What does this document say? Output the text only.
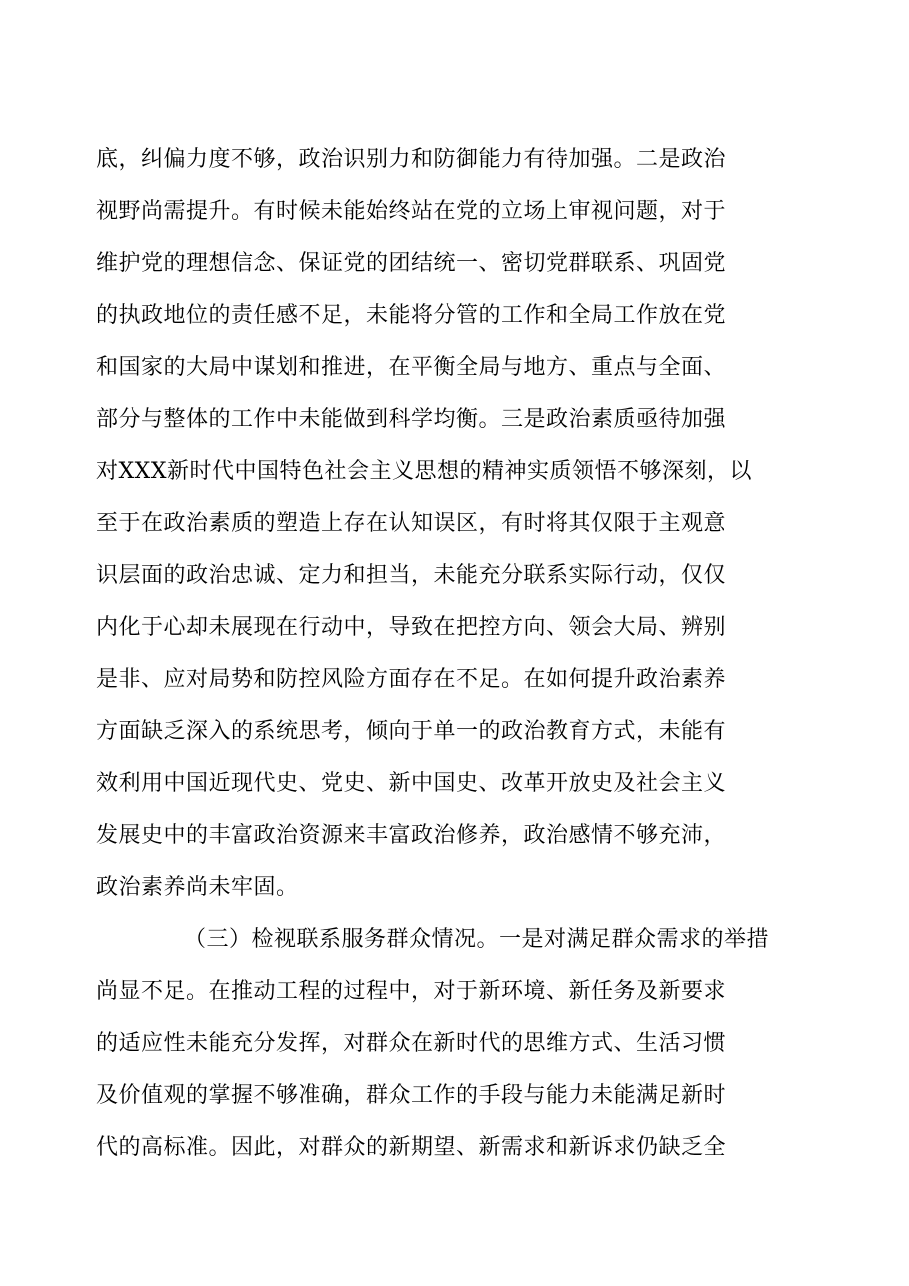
底，纠偏力度不够，政治识别力和防御能力有待加强。二是政治
视野尚需提升。有时候未能始终站在党的立场上审视问题，对于
维护党的理想信念、保证党的团结统一、密切党群联系、巩固党
的执政地位的责任感不足，未能将分管的工作和全局工作放在党
和国家的大局中谋划和推进，在平衡全局与地方、重点与全面、
部分与整体的工作中未能做到科学均衡。三是政治素质亟待加强
对XXX新时代中国特色社会主义思想的精神实质领悟不够深刻，以
至于在政治素质的塑造上存在认知误区，有时将其仅限于主观意
识层面的政治忠诚、定力和担当，未能充分联系实际行动，仅仅
内化于心却未展现在行动中，导致在把控方向、领会大局、辨别
是非、应对局势和防控风险方面存在不足。在如何提升政治素养
方面缺乏深入的系统思考，倾向于单一的政治教育方式，未能有
效利用中国近现代史、党史、新中国史、改革开放史及社会主义
发展史中的丰富政治资源来丰富政治修养，政治感情不够充沛，
政治素养尚未牢固。
（三）检视联系服务群众情况。一是对满足群众需求的举措
尚显不足。在推动工程的过程中，对于新环境、新任务及新要求
的适应性未能充分发挥，对群众在新时代的思维方式、生活习惯
及价值观的掌握不够准确，群众工作的手段与能力未能满足新时
代的高标准。因此，对群众的新期望、新需求和新诉求仍缺乏全
